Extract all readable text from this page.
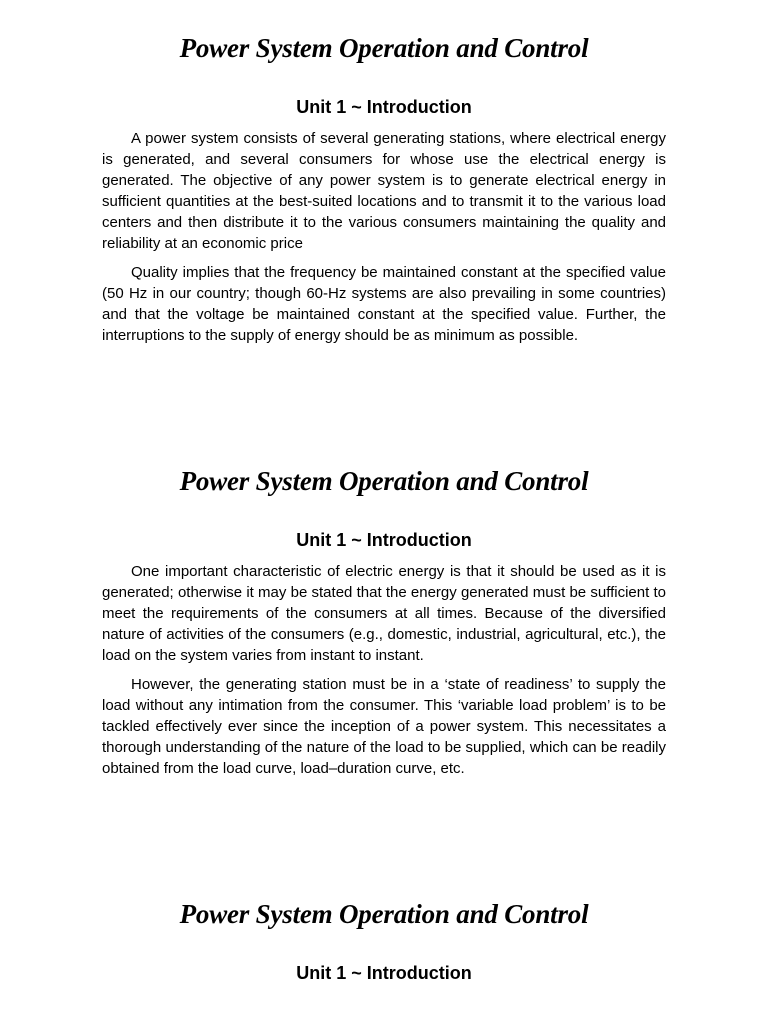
Power System Operation and Control
Unit 1 ~ Introduction

A power system consists of several generating stations, where electrical energy is generated, and several consumers for whose use the electrical energy is generated. The objective of any power system is to generate electrical energy in sufficient quantities at the best-suited locations and to transmit it to the various load centers and then distribute it to the various consumers maintaining the quality and reliability at an economic price

Quality implies that the frequency be maintained constant at the specified value (50 Hz in our country; though 60-Hz systems are also prevailing in some countries) and that the voltage be maintained constant at the specified value. Further, the interruptions to the supply of energy should be as minimum as possible.

Power System Operation and Control
Unit 1 ~ Introduction

One important characteristic of electric energy is that it should be used as it is generated; otherwise it may be stated that the energy generated must be sufficient to meet the requirements of the consumers at all times. Because of the diversified nature of activities of the consumers (e.g., domestic, industrial, agricultural, etc.), the load on the system varies from instant to instant.

However, the generating station must be in a ‘state of readiness’ to supply the load without any intimation from the consumer. This ‘variable load problem’ is to be tackled effectively ever since the inception of a power system. This necessitates a thorough understanding of the nature of the load to be supplied, which can be readily obtained from the load curve, load–duration curve, etc.

Power System Operation and Control
Unit 1 ~ Introduction
